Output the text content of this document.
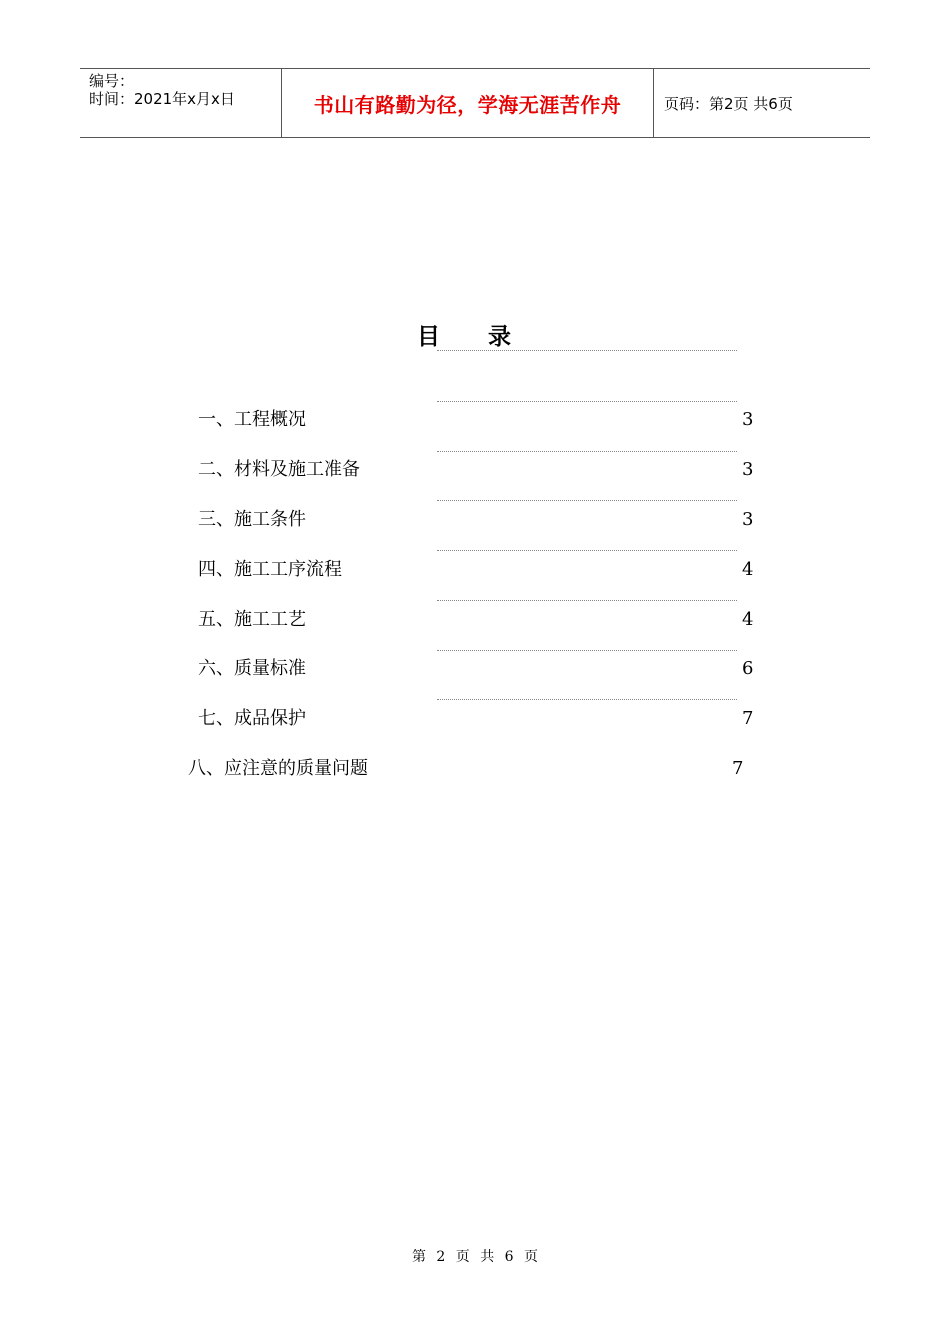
编号：
时间：2021年x月x日	书山有路勤为径，学海无涯苦作舟	页码：第2页 共6页
目      录
一、工程概况	3
二、材料及施工准备	3
三、施工条件	3
四、施工工序流程	4
五、施工工艺	4
六、质量标准	6
七、成品保护	7
八、应注意的质量问题	7
第 2 页 共 6 页
